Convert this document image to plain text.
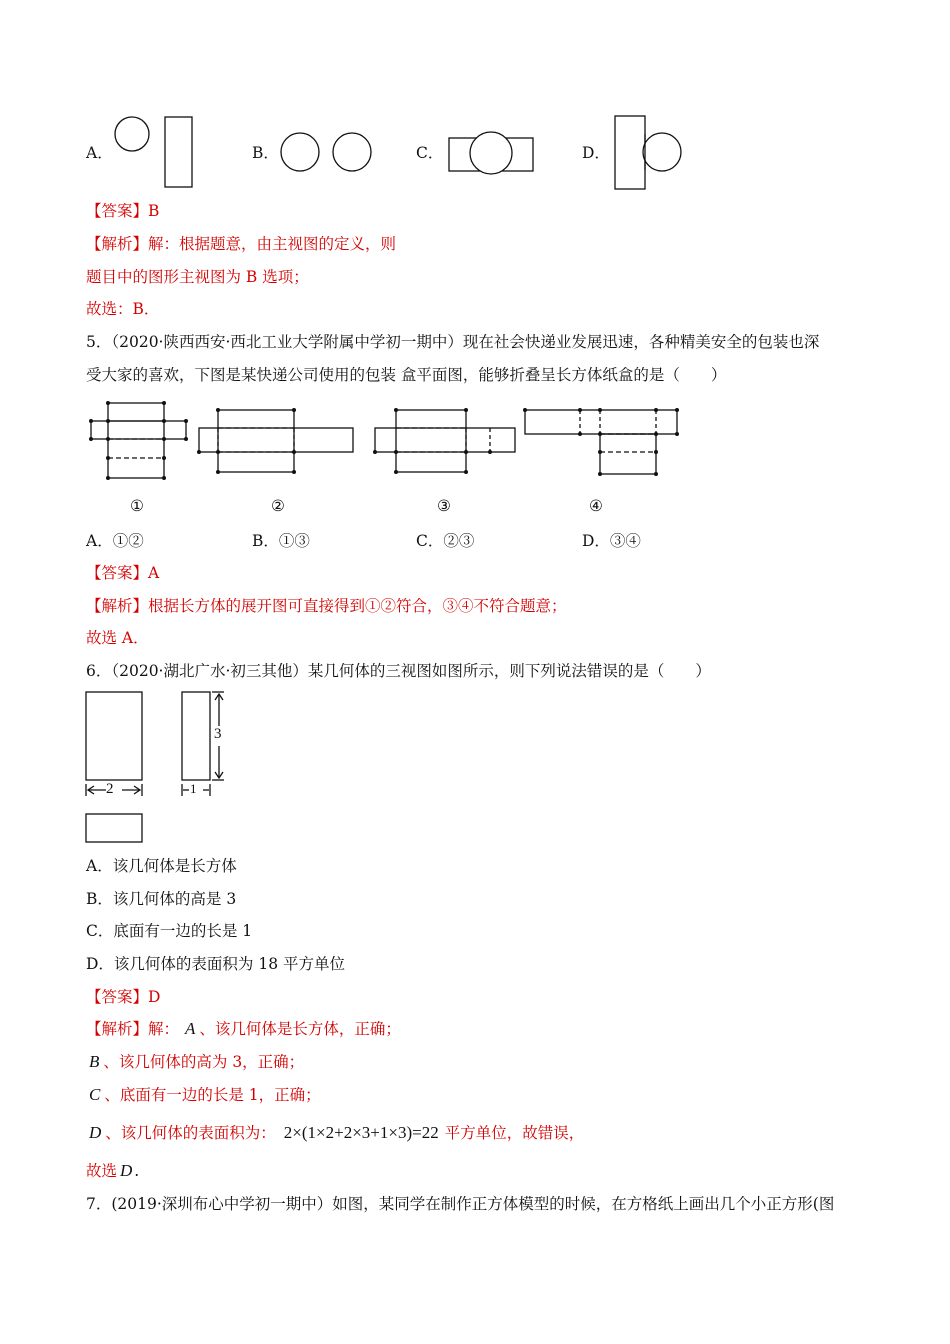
A．	B．	C．	D．
【答案】B
【解析】解：根据题意，由主视图的定义，则
题目中的图形主视图为 B 选项；
故选：B．
5．（2020·陕西西安·西北工业大学附属中学初一期中）现在社会快递业发展迅速，各种精美安全的包装也深
受大家的喜欢，下图是某快递公司使用的包装 盒平面图，能够折叠呈长方体纸盒的是（　　）
①	②	③	④
A．①②	B．①③	C．②③	D．③④
【答案】A
【解析】根据长方体的展开图可直接得到①②符合，③④不符合题意；
故选 A．
6．（2020·湖北广水·初三其他）某几何体的三视图如图所示，则下列说法错误的是（　　）
2	1
3
A．该几何体是长方体
B．该几何体的高是 3
C．底面有一边的长是 1
D．该几何体的表面积为 18 平方单位
【答案】D
【解析】解： A 、该几何体是长方体，正确；
B 、该几何体的高为 3，正确；
C 、底面有一边的长是 1，正确；
D 、该几何体的表面积为： 2×(1×2+2×3+1×3)=22 平方单位，故错误，
故选 D .
7．(2019·深圳布心中学初一期中）如图，某同学在制作正方体模型的时候，在方格纸上画出几个小正方形(图
